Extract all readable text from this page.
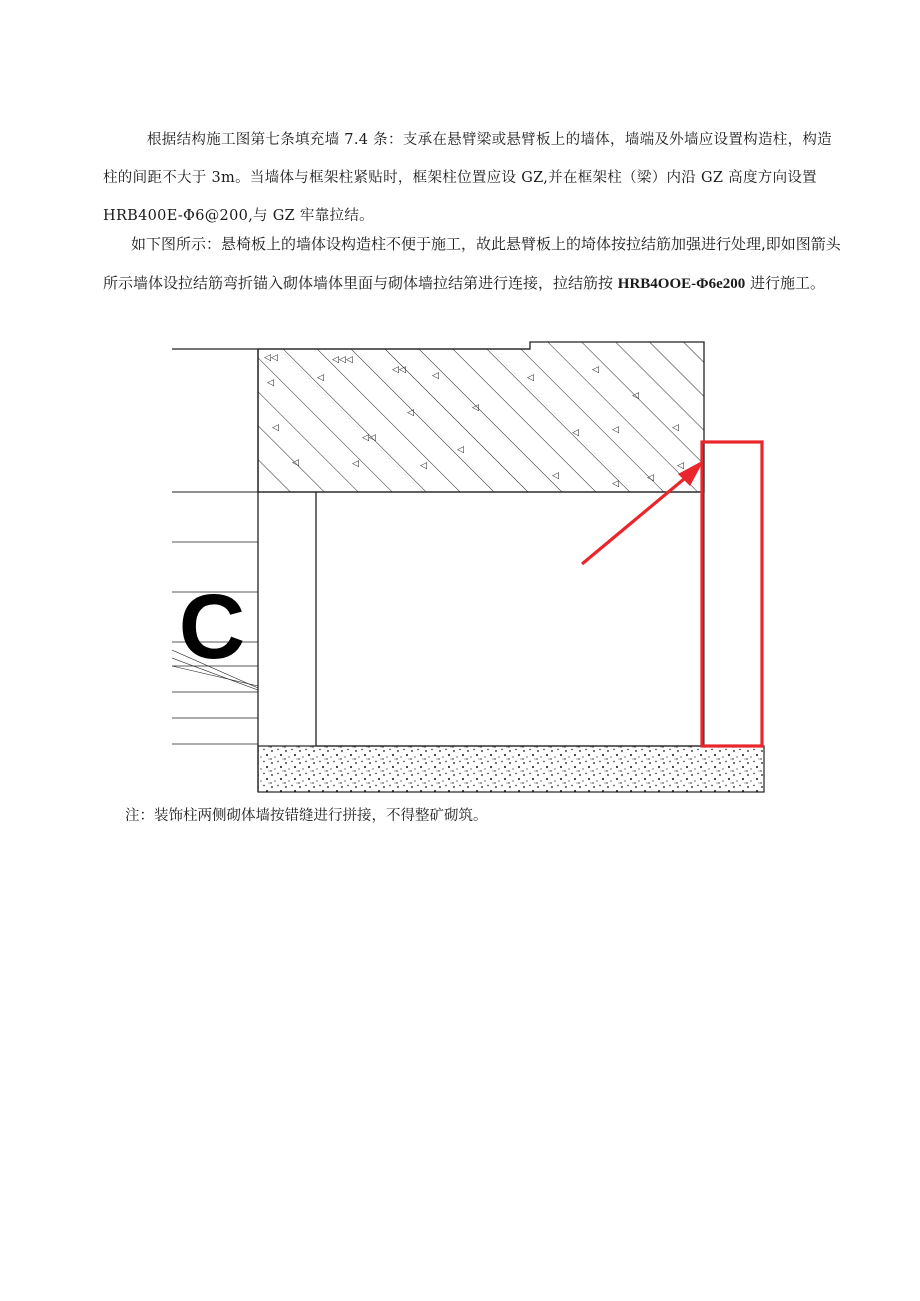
根据结构施工图第七条填充墙 7.4 条：支承在悬臂梁或悬臂板上的墙体，墙端及外墙应设置构造柱，构造柱的间距不大于 3m。当墙体与框架柱紧贴时，框架柱位置应设 GZ,并在框架柱（梁）内沿 GZ 高度方向设置 HRB400E-Φ6@200,与 GZ 牢靠拉结。

如下图所示：悬椅板上的墙体设构造柱不便于施工，故此悬臂板上的埼体按拉结筋加强进行处理,即如图箭头所示墙体设拉结筋弯折锚入砌体墙体里面与砌体墙拉结第进行连接，拉结筋按 HRB4OOE-Φ6e200 进行施工。

◁◁	◁◁◁
◁	◁
◁◁
◁	◁
◁
◁
◁
◁◁
◁	◁
◁	◁	◁
◁	◁	◁
◁
◁
◁
◁
◁
C
注：装饰柱两侧砌体墙按错缝进行拼接，不得整矿砌筑。
